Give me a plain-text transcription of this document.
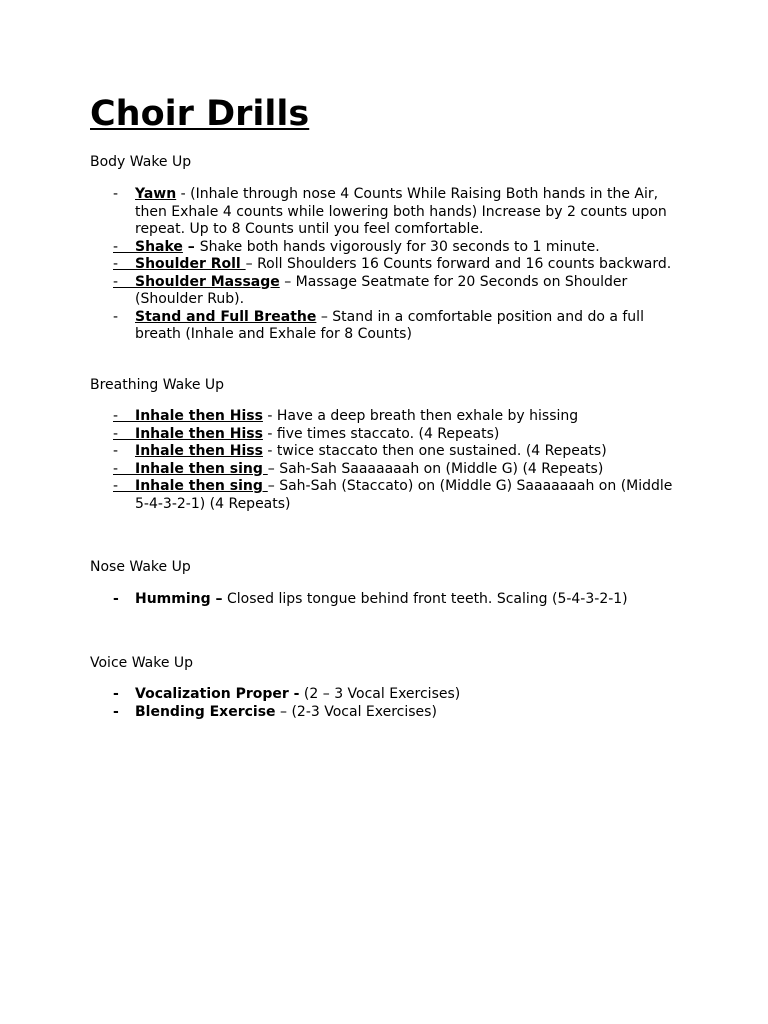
Choir Drills
Body Wake Up
- Yawn - (Inhale through nose 4 Counts While Raising Both hands in the Air, then Exhale 4 counts while lowering both hands) Increase by 2 counts upon repeat. Up to 8 Counts until you feel comfortable.
-	Shake – Shake both hands vigorously for 30 seconds to 1 minute.
-	Shoulder Roll – Roll Shoulders 16 Counts forward and 16 counts backward.
-	Shoulder Massage – Massage Seatmate for 20 Seconds on Shoulder (Shoulder Rub).
- Stand and Full Breathe – Stand in a comfortable position and do a full breath (Inhale and Exhale for 8 Counts)
Breathing Wake Up
-	Inhale then Hiss - Have a deep breath then exhale by hissing
-	Inhale then Hiss - five times staccato. (4 Repeats)
- Inhale then Hiss - twice staccato then one sustained. (4 Repeats)
-	Inhale then sing – Sah-Sah Saaaaaaah on (Middle G) (4 Repeats)
-	Inhale then sing – Sah-Sah (Staccato) on (Middle G) Saaaaaaah on (Middle 5-4-3-2-1) (4 Repeats)
Nose Wake Up
- Humming – Closed lips tongue behind front teeth. Scaling (5-4-3-2-1)
Voice Wake Up
- Vocalization Proper - (2 – 3 Vocal Exercises)
- Blending Exercise – (2-3 Vocal Exercises)
